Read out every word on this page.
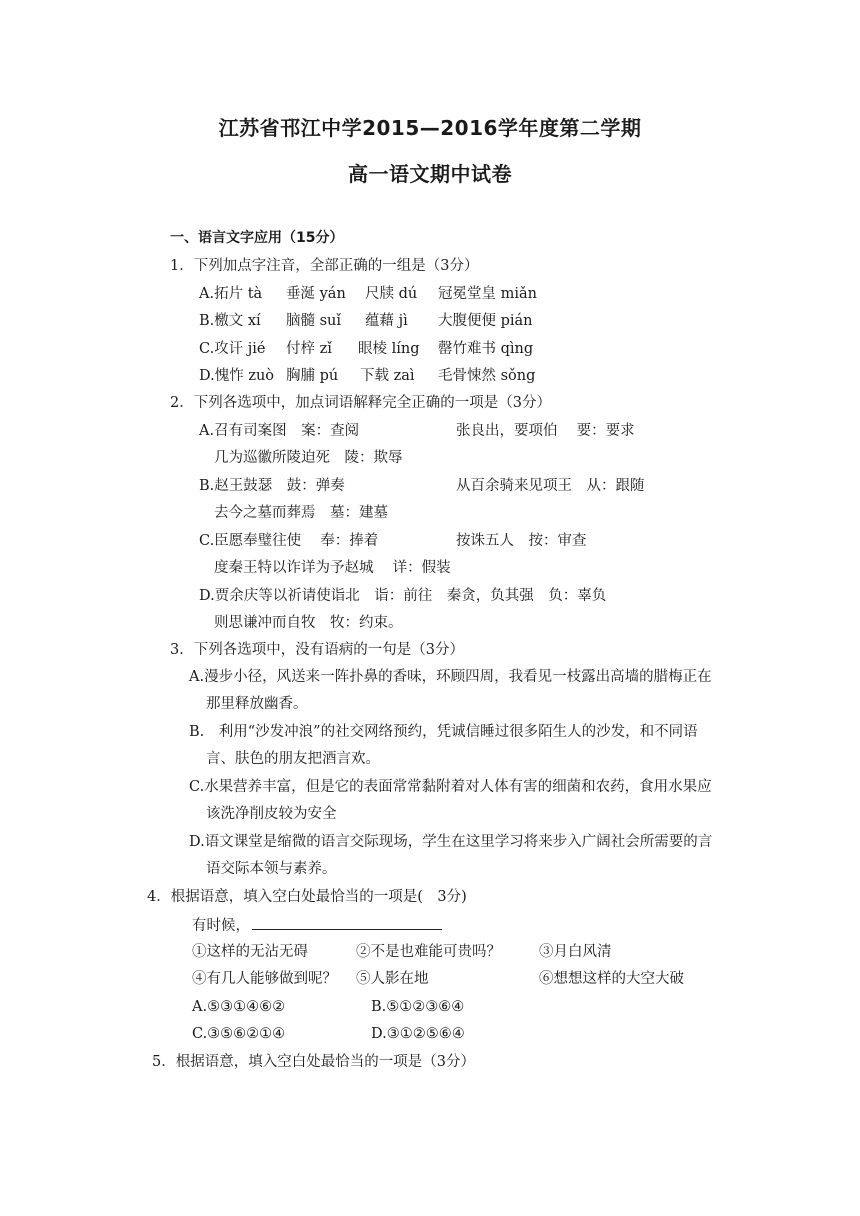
江苏省邗江中学2015—2016学年度第二学期
高一语文期中试卷
一、语言文字应用（15分）
1．下列加点字注音，全部正确的一组是（3分）
A.拓片 tà 垂涎 yán 尺牍 dú 冠冕堂皇 miǎn
B.檄文 xí 脑髓 suǐ 蕴藉 jì 大腹便便 pián
C.攻讦 jié 付梓 zǐ 眼棱 líng 罄竹难书 qìng
D.愧怍 zuò 胸脯 pú 下载 zaì 毛骨悚然 sǒng
2．下列各选项中，加点词语解释完全正确的一项是（3分）
A.召有司案图　案：查阅	张良出，要项伯　 要：要求
几为巡徽所陵迫死　陵：欺辱
B.赵王鼓瑟　鼓：弹奏	从百余骑来见项王　从：跟随
去今之墓而葬焉　墓：建墓
C.臣愿奉璧往使　 奉：捧着	按诛五人　按：审查
度秦王特以诈详为予赵城　 详：假装
D.贾余庆等以祈请使诣北　诣：前往　秦贪，负其强　负：辜负
则思谦冲而自牧　牧：约束。
3．下列各选项中，没有语病的一句是（3分）
A.漫步小径，风送来一阵扑鼻的香味，环顾四周，我看见一枝露出高墙的腊梅正在
那里释放幽香。
B.　利用“沙发冲浪”的社交网络预约，凭诚信睡过很多陌生人的沙发，和不同语
言、肤色的朋友把酒言欢。
C.水果营养丰富，但是它的表面常常黏附着对人体有害的细菌和农药，食用水果应
该洗净削皮较为安全
D.语文课堂是缩微的语言交际现场，学生在这里学习将来步入广阔社会所需要的言
语交际本领与素养。
4．根据语意，填入空白处最恰当的一项是(　3分)
有时候，
①这样的无沾无碍	②不是也难能可贵吗？	③月白风清
④有几人能够做到呢？ ⑤人影在地	⑥想想这样的大空大破
A.⑤③①④⑥②	B.⑤①②③⑥④
C.③⑤⑥②①④	D.③①②⑤⑥④
5．根据语意，填入空白处最恰当的一项是（3分）
